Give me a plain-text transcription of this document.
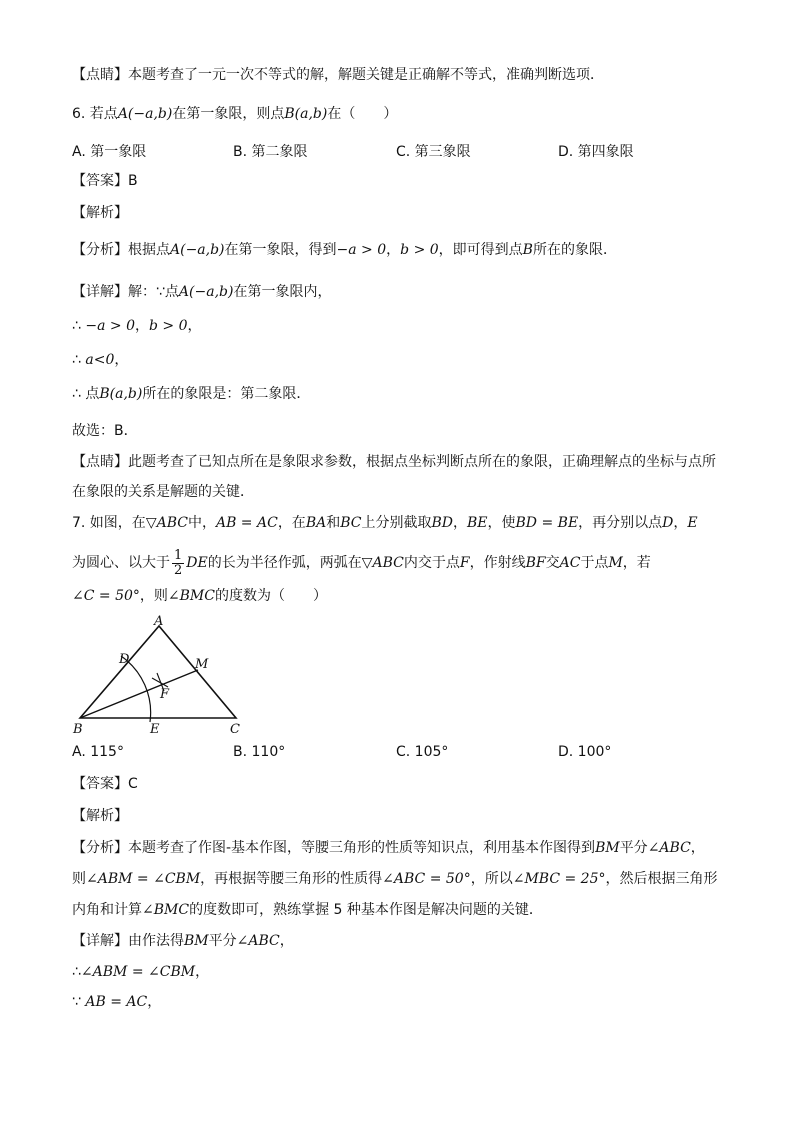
【点睛】本题考查了一元一次不等式的解，解题关键是正确解不等式，准确判断选项．
6. 若点A(−a,b)在第一象限，则点B(a,b)在（　　）
A. 第一象限	B. 第二象限	C. 第三象限	D. 第四象限
【答案】B
【解析】
【分析】根据点A(−a,b)在第一象限，得到−a > 0，b > 0，即可得到点B所在的象限．
【详解】解：∵点A(−a,b)在第一象限内，
∴ −a > 0，b > 0，
∴ a<0，
∴ 点B(a,b)所在的象限是：第二象限．
故选：B．
【点睛】此题考查了已知点所在是象限求参数，根据点坐标判断点所在的象限，正确理解点的坐标与点所
在象限的关系是解题的关键．
7. 如图，在▽ABC中，AB = AC，在BA和BC上分别截取BD，BE，使BD = BE，再分别以点D，E
为圆心、以大于 $\frac{1}{2}$ DE的长为半径作弧，两弧在▽ABC内交于点F，作射线BF交AC于点M，若
∠C = 50°，则∠BMC的度数为（　　）
A
B	C
D
E
F
M
A. 115°	B. 110°	C. 105°	D. 100°
【答案】C
【解析】
【分析】本题考查了作图-基本作图，等腰三角形的性质等知识点，利用基本作图得到BM平分∠ABC，
则∠ABM = ∠CBM，再根据等腰三角形的性质得∠ABC = 50°，所以∠MBC = 25°，然后根据三角形
内角和计算∠BMC的度数即可，熟练掌握 5 种基本作图是解决问题的关键．
【详解】由作法得BM平分∠ABC，
∴∠ABM = ∠CBM，
∵ AB = AC，
